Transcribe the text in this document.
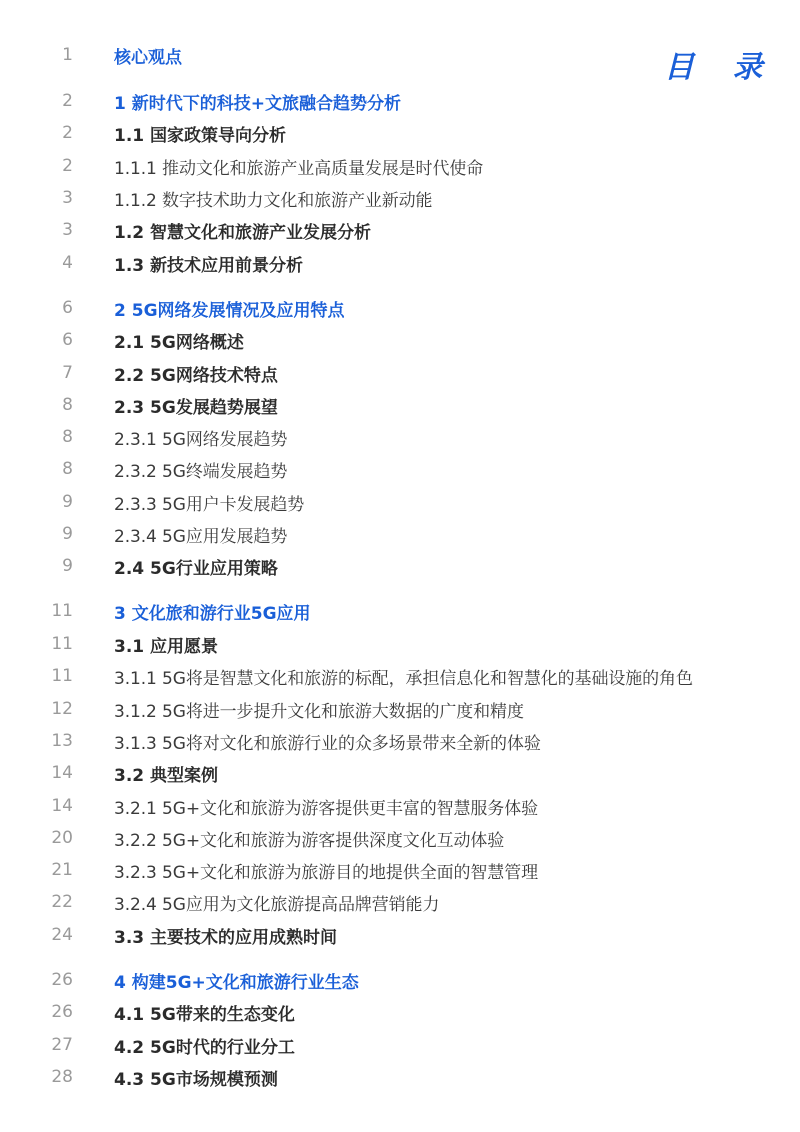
目 录
1 核心观点
2 1 新时代下的科技+文旅融合趋势分析
2 1.1 国家政策导向分析
2 1.1.1 推动文化和旅游产业高质量发展是时代使命
3 1.1.2 数字技术助力文化和旅游产业新动能
3 1.2 智慧文化和旅游产业发展分析
4 1.3 新技术应用前景分析
6 2 5G网络发展情况及应用特点
6 2.1 5G网络概述
7 2.2 5G网络技术特点
8 2.3 5G发展趋势展望
8 2.3.1 5G网络发展趋势
8 2.3.2 5G终端发展趋势
9 2.3.3 5G用户卡发展趋势
9 2.3.4 5G应用发展趋势
9 2.4 5G行业应用策略
11 3 文化旅和游行业5G应用
11 3.1 应用愿景
11 3.1.1 5G将是智慧文化和旅游的标配，承担信息化和智慧化的基础设施的角色
12 3.1.2 5G将进一步提升文化和旅游大数据的广度和精度
13 3.1.3 5G将对文化和旅游行业的众多场景带来全新的体验
14 3.2 典型案例
14 3.2.1 5G+文化和旅游为游客提供更丰富的智慧服务体验
20 3.2.2 5G+文化和旅游为游客提供深度文化互动体验
21 3.2.3 5G+文化和旅游为旅游目的地提供全面的智慧管理
22 3.2.4 5G应用为文化旅游提高品牌营销能力
24 3.3 主要技术的应用成熟时间
26 4 构建5G+文化和旅游行业生态
26 4.1 5G带来的生态变化
27 4.2 5G时代的行业分工
28 4.3 5G市场规模预测
